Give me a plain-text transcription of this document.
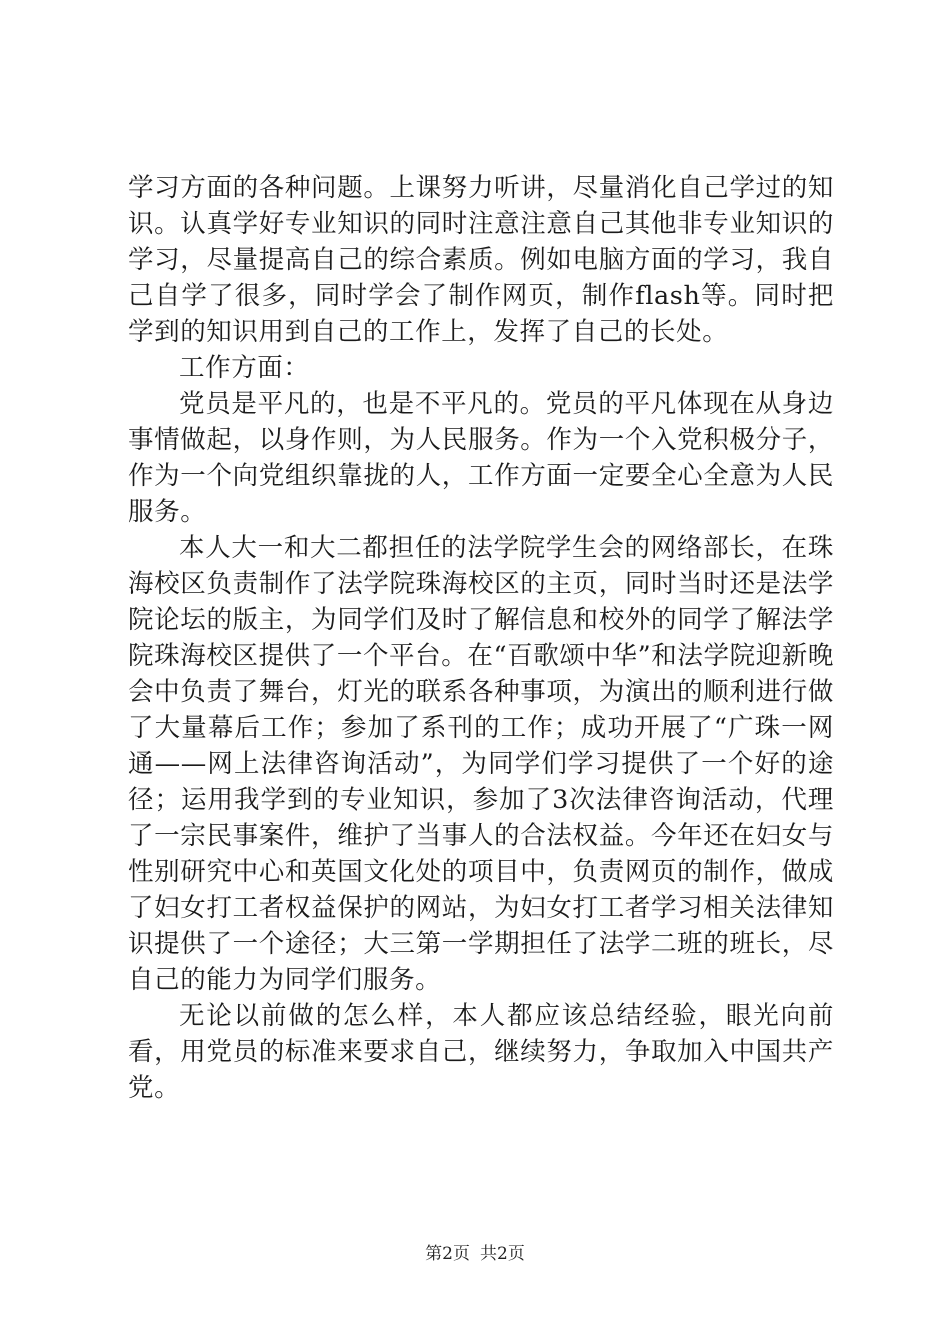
学习方面的各种问题。上课努力听讲，尽量消化自己学过的知识。认真学好专业知识的同时注意注意自己其他非专业知识的学习，尽量提高自己的综合素质。例如电脑方面的学习，我自己自学了很多，同时学会了制作网页，制作flash等。同时把学到的知识用到自己的工作上，发挥了自己的长处。

工作方面：

党员是平凡的，也是不平凡的。党员的平凡体现在从身边事情做起，以身作则，为人民服务。作为一个入党积极分子，作为一个向党组织靠拢的人，工作方面一定要全心全意为人民服务。

本人大一和大二都担任的法学院学生会的网络部长，在珠海校区负责制作了法学院珠海校区的主页，同时当时还是法学院论坛的版主，为同学们及时了解信息和校外的同学了解法学院珠海校区提供了一个平台。在“百歌颂中华”和法学院迎新晚会中负责了舞台，灯光的联系各种事项，为演出的顺利进行做了大量幕后工作；参加了系刊的工作；成功开展了“广珠一网通——网上法律咨询活动”，为同学们学习提供了一个好的途径；运用我学到的专业知识，参加了3次法律咨询活动，代理了一宗民事案件，维护了当事人的合法权益。今年还在妇女与性别研究中心和英国文化处的项目中，负责网页的制作，做成了妇女打工者权益保护的网站，为妇女打工者学习相关法律知识提供了一个途径；大三第一学期担任了法学二班的班长，尽自己的能力为同学们服务。

无论以前做的怎么样，本人都应该总结经验，眼光向前看，用党员的标准来要求自己，继续努力，争取加入中国共产党。

第2页 共2页
